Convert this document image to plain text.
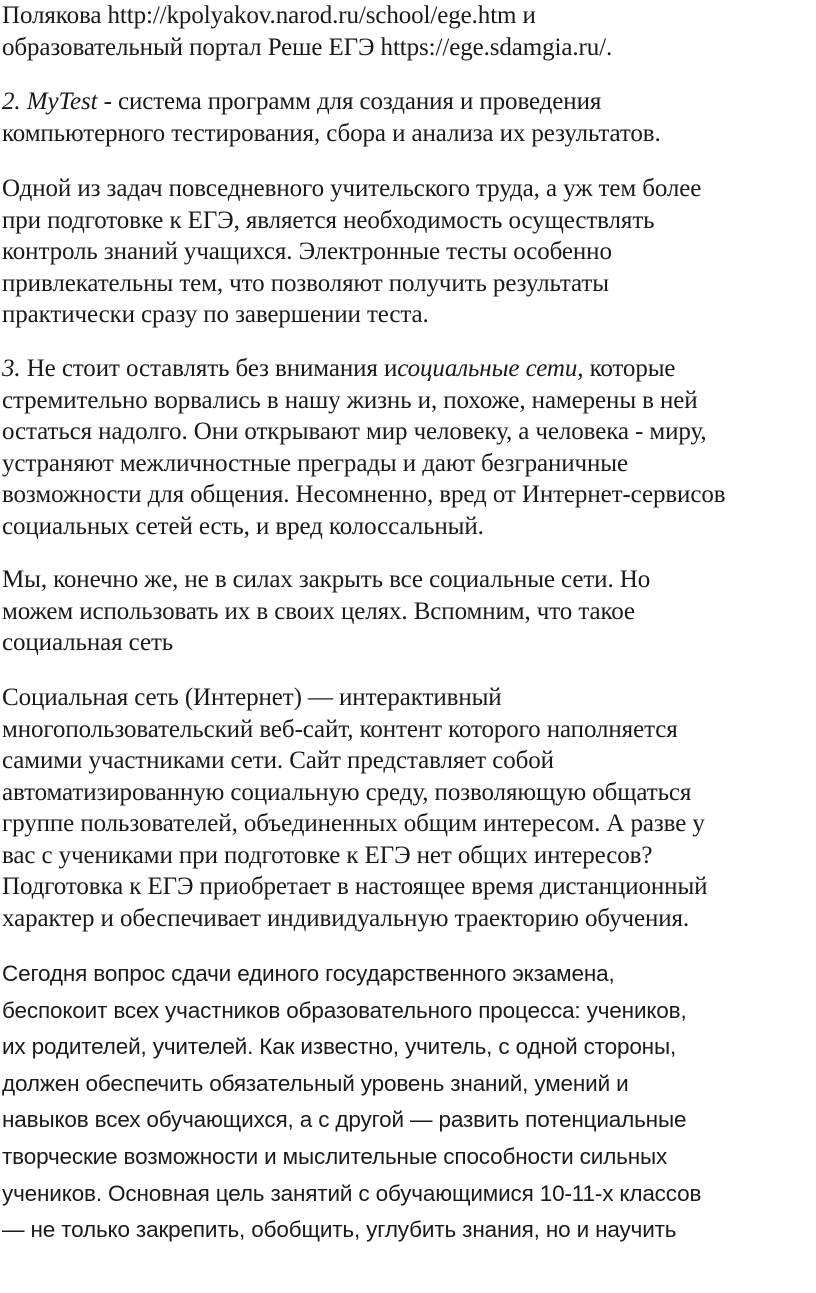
Полякова http://kpolyakov.narod.ru/school/ege.htm и
образовательный портал Реше ЕГЭ https://ege.sdamgia.ru/.
2. MyTest - система программ для создания и проведения
компьютерного тестирования, сбора и анализа их результатов.
Одной из задач повседневного учительского труда, а уж тем более
при подготовке к ЕГЭ, является необходимость осуществлять
контроль знаний учащихся. Электронные тесты особенно
привлекательны тем, что позволяют получить результаты
практически сразу по завершении теста.
3. Не стоит оставлять без внимания исоциальные сети, которые
стремительно ворвались в нашу жизнь и, похоже, намерены в ней
остаться надолго. Они открывают мир человеку, а человека - миру,
устраняют межличностные преграды и дают безграничные
возможности для общения. Несомненно, вред от Интернет-сервисов
социальных сетей есть, и вред колоссальный.
Мы, конечно же, не в силах закрыть все социальные сети. Но
можем использовать их в своих целях. Вспомним, что такое
социальная сеть
Социальная сеть (Интернет) — интерактивный
многопользовательский веб-сайт, контент которого наполняется
самими участниками сети. Сайт представляет собой
автоматизированную социальную среду, позволяющую общаться
группе пользователей, объединенных общим интересом. А разве у
вас с учениками при подготовке к ЕГЭ нет общих интересов?
Подготовка к ЕГЭ приобретает в настоящее время дистанционный
характер и обеспечивает индивидуальную траекторию обучения.
Сегодня вопрос сдачи единого государственного экзамена,
беспокоит всех участников образовательного процесса: учеников,
их родителей, учителей. Как известно, учитель, с одной стороны,
должен обеспечить обязательный уровень знаний, умений и
навыков всех обучающихся, а с другой — развить потенциальные
творческие возможности и мыслительные способности сильных
учеников. Основная цель занятий с обучающимися 10-11-х классов
— не только закрепить, обобщить, углубить знания, но и научить
